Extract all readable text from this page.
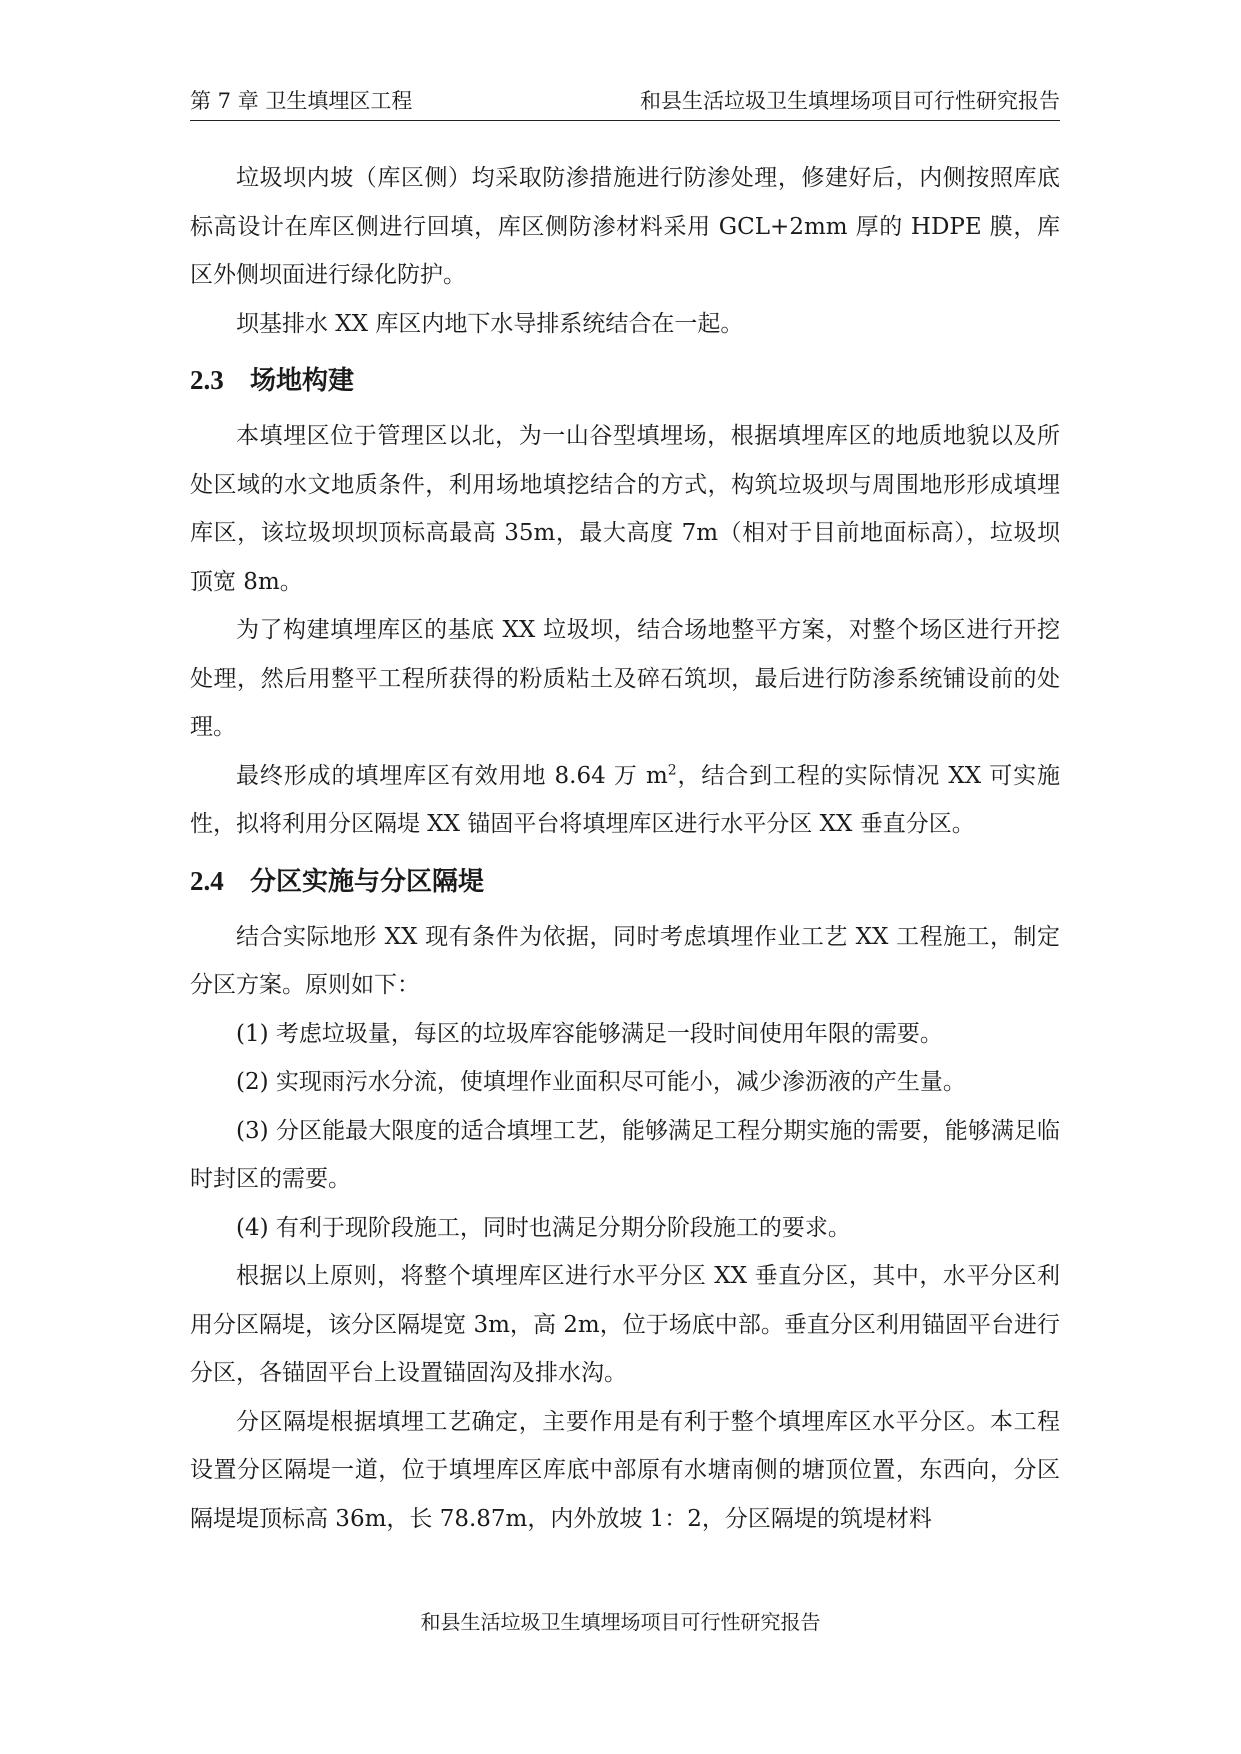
第 7 章 卫生填埋区工程	和县生活垃圾卫生填埋场项目可行性研究报告

垃圾坝内坡（库区侧）均采取防渗措施进行防渗处理，修建好后，内侧按照库底标高设计在库区侧进行回填，库区侧防渗材料采用 GCL+2mm 厚的 HDPE 膜，库区外侧坝面进行绿化防护。

坝基排水 XX 库区内地下水导排系统结合在一起。

2.3 场地构建

本填埋区位于管理区以北，为一山谷型填埋场，根据填埋库区的地质地貌以及所处区域的水文地质条件，利用场地填挖结合的方式，构筑垃圾坝与周围地形形成填埋库区，该垃圾坝坝顶标高最高 35m，最大高度 7m（相对于目前地面标高），垃圾坝顶宽 8m。

为了构建填埋库区的基底 XX 垃圾坝，结合场地整平方案，对整个场区进行开挖处理，然后用整平工程所获得的粉质粘土及碎石筑坝，最后进行防渗系统铺设前的处理。

最终形成的填埋库区有效用地 8.64 万 $m^2$，结合到工程的实际情况 XX 可实施性，拟将利用分区隔堤 XX 锚固平台将填埋库区进行水平分区 XX 垂直分区。

2.4 分区实施与分区隔堤

结合实际地形 XX 现有条件为依据，同时考虑填埋作业工艺 XX 工程施工，制定分区方案。原则如下：

(1) 考虑垃圾量，每区的垃圾库容能够满足一段时间使用年限的需要。

(2) 实现雨污水分流，使填埋作业面积尽可能小，减少渗沥液的产生量。

(3) 分区能最大限度的适合填埋工艺，能够满足工程分期实施的需要，能够满足临时封区的需要。

(4) 有利于现阶段施工，同时也满足分期分阶段施工的要求。

根据以上原则，将整个填埋库区进行水平分区 XX 垂直分区，其中，水平分区利用分区隔堤，该分区隔堤宽 3m，高 2m，位于场底中部。垂直分区利用锚固平台进行分区，各锚固平台上设置锚固沟及排水沟。

分区隔堤根据填埋工艺确定，主要作用是有利于整个填埋库区水平分区。本工程设置分区隔堤一道，位于填埋库区库底中部原有水塘南侧的塘顶位置，东西向，分区隔堤堤顶标高 36m，长 78.87m，内外放坡 1：2，分区隔堤的筑堤材料

和县生活垃圾卫生填埋场项目可行性研究报告
